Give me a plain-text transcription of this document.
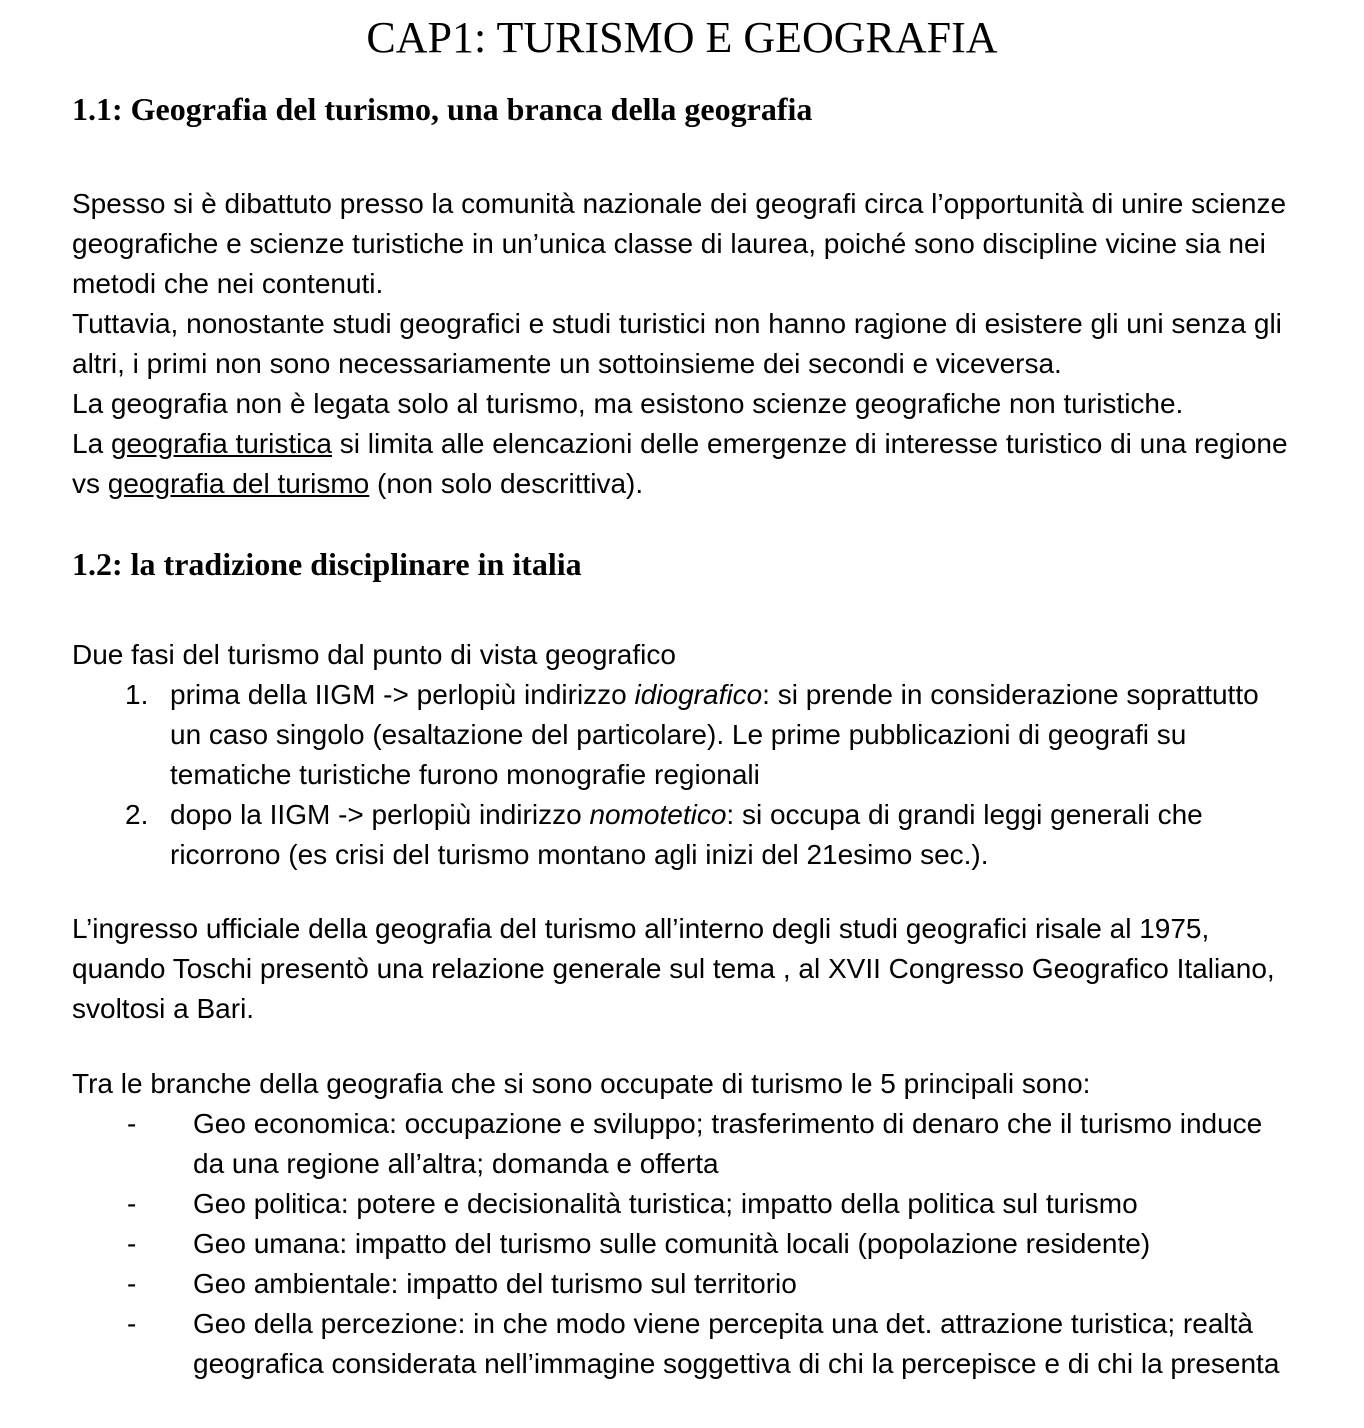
CAP1: TURISMO E GEOGRAFIA
1.1: Geografia del turismo, una branca della geografia

Spesso si è dibattuto presso la comunità nazionale dei geografi circa l’opportunità di unire scienze geografiche e scienze turistiche in un’unica classe di laurea, poiché sono discipline vicine sia nei metodi che nei contenuti.

Tuttavia, nonostante studi geografici e studi turistici non hanno ragione di esistere gli uni senza gli altri, i primi non sono necessariamente un sottoinsieme dei secondi e viceversa.

La geografia non è legata solo al turismo, ma esistono scienze geografiche non turistiche.

La geografia turistica si limita alle elencazioni delle emergenze di interesse turistico di una regione vs geografia del turismo (non solo descrittiva).

1.2: la tradizione disciplinare in italia

Due fasi del turismo dal punto di vista geografico

1. prima della IIGM -> perlopiù indirizzo idiografico: si prende in considerazione soprattutto un caso singolo (esaltazione del particolare). Le prime pubblicazioni di geografi su tematiche turistiche furono monografie regionali
2. dopo la IIGM -> perlopiù indirizzo nomotetico: si occupa di grandi leggi generali che ricorrono (es crisi del turismo montano agli inizi del 21esimo sec.).

L’ingresso ufficiale della geografia del turismo all’interno degli studi geografici risale al 1975, quando Toschi presentò una relazione generale sul tema , al XVII Congresso Geografico Italiano, svoltosi a Bari.

Tra le branche della geografia che si sono occupate di turismo le 5 principali sono:

- Geo economica: occupazione e sviluppo; trasferimento di denaro che il turismo induce da una regione all’altra; domanda e offerta
- Geo politica: potere e decisionalità turistica; impatto della politica sul turismo
- Geo umana: impatto del turismo sulle comunità locali (popolazione residente)
- Geo ambientale: impatto del turismo sul territorio
- Geo della percezione: in che modo viene percepita una det. attrazione turistica; realtà geografica considerata nell’immagine soggettiva di chi la percepisce e di chi la presenta
